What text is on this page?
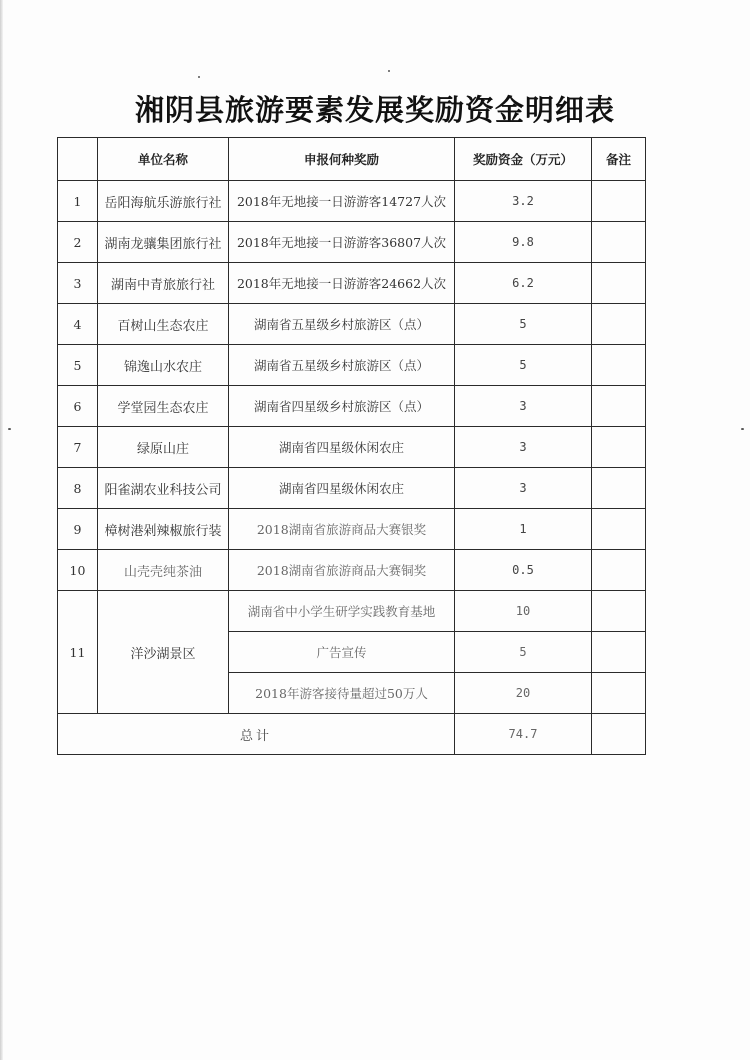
湘阴县旅游要素发展奖励资金明细表
	单位名称	申报何种奖励	奖励资金（万元）	备注
1	岳阳海航乐游旅行社	2018年无地接一日游游客14727人次	3.2	
2	湖南龙骧集团旅行社	2018年无地接一日游游客36807人次	9.8	
3	湖南中青旅旅行社	2018年无地接一日游游客24662人次	6.2	
4	百树山生态农庄	湖南省五星级乡村旅游区（点）	5	
5	锦逸山水农庄	湖南省五星级乡村旅游区（点）	5	
6	学堂园生态农庄	湖南省四星级乡村旅游区（点）	3	
7	绿原山庄	湖南省四星级休闲农庄	3	
8	阳雀湖农业科技公司	湖南省四星级休闲农庄	3	
9	樟树港剁辣椒旅行装	2018湖南省旅游商品大赛银奖	1	
10	山壳壳纯茶油	2018湖南省旅游商品大赛铜奖	0.5	
11	洋沙湖景区	湖南省中小学生研学实践教育基地	10	
		广告宣传	5	
		2018年游客接待量超过50万人	20	
总计			74.7	
